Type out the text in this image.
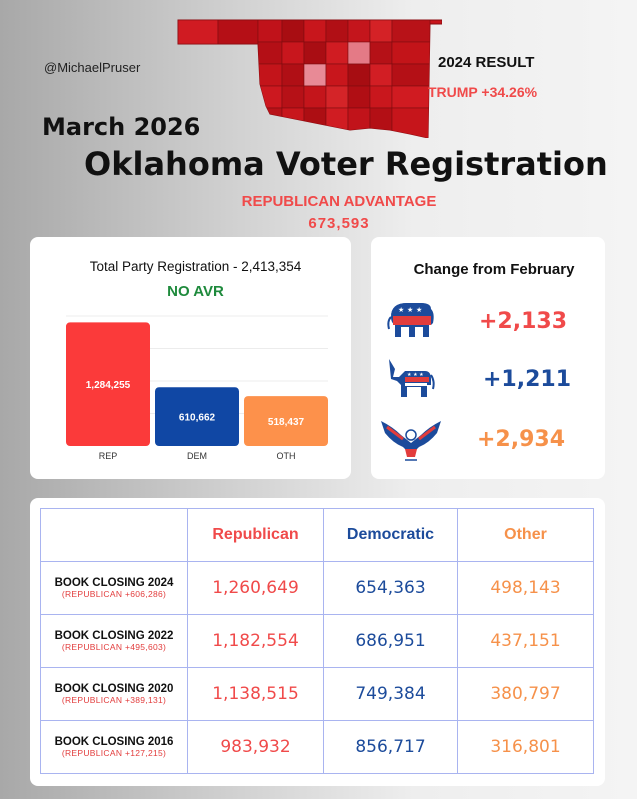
@MichaelPruser	2024 RESULT
TRUMP +34.26%
March 2026
Oklahoma Voter Registration
REPUBLICAN ADVANTAGE
673,593
Total Party Registration - 2,413,354
NO AVR
1,284,255
REP
610,662
DEM
518,437
OTH
Change from February
★ ★ ★	+2,133
★ ★ ★	+1,211
+2,934
	Republican	Democratic	Other

BOOK CLOSING 2024
(REPUBLICAN +606,286)	1,260,649	654,363	498,143

BOOK CLOSING 2022
(REPUBLICAN +495,603)	1,182,554	686,951	437,151

BOOK CLOSING 2020
(REPUBLICAN +389,131)	1,138,515	749,384	380,797

BOOK CLOSING 2016
(REPUBLICAN +127,215)	983,932	856,717	316,801
